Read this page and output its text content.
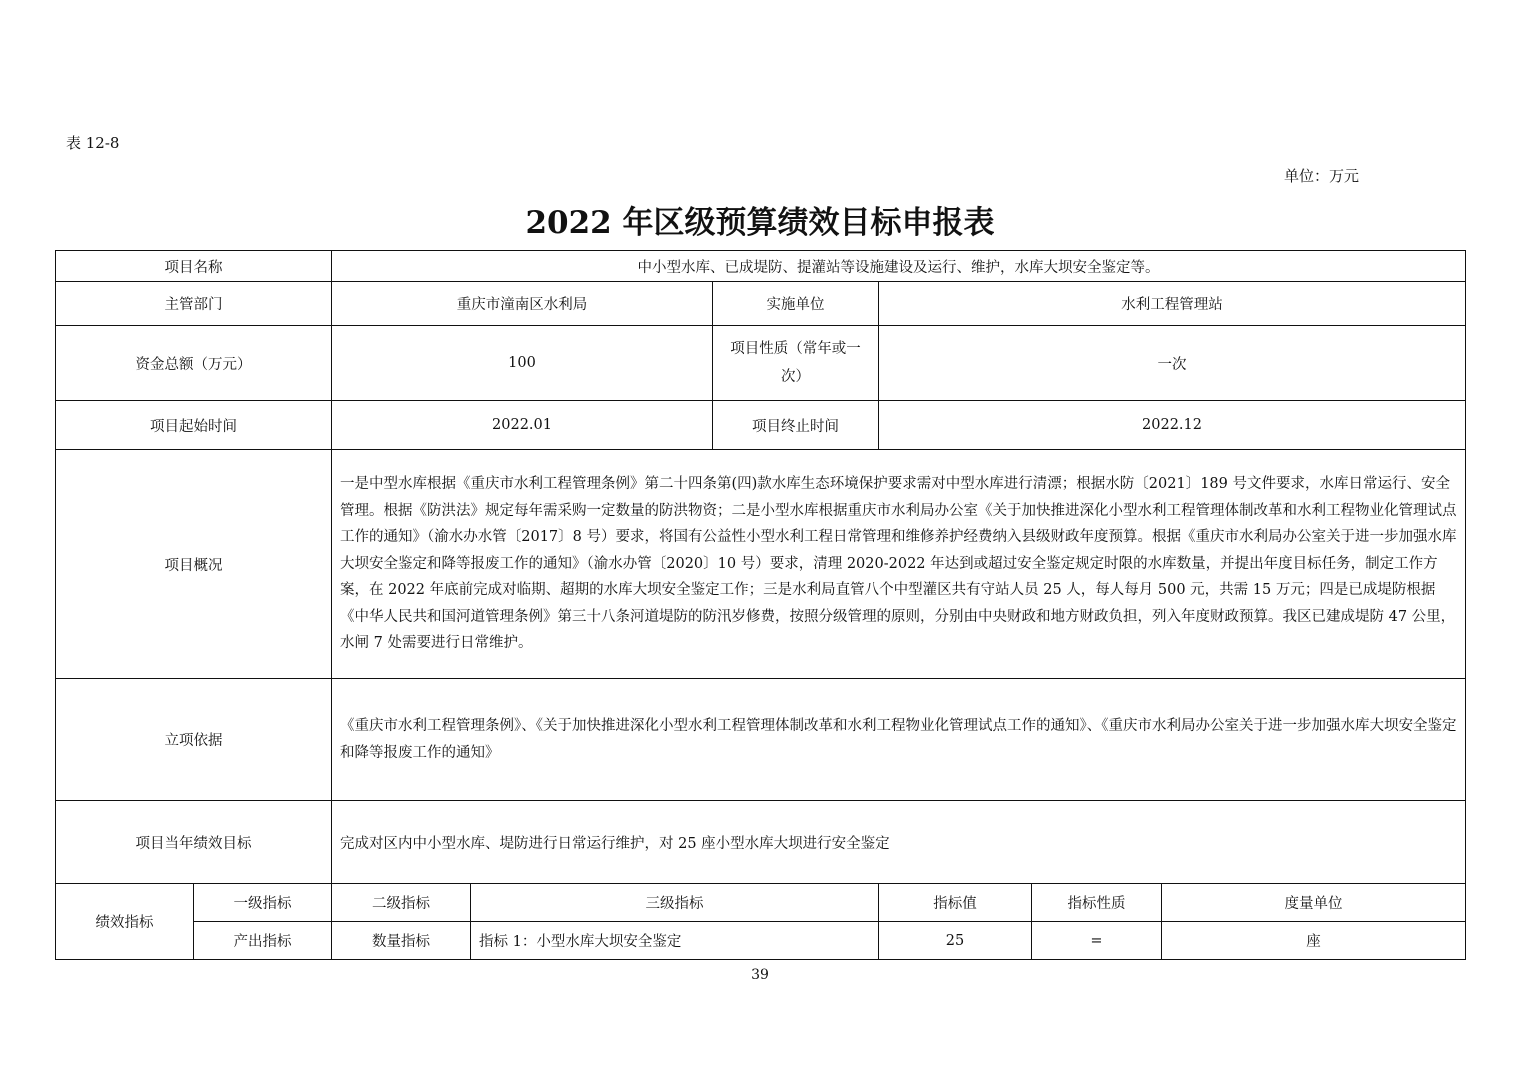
表 12-8
单位：万元
2022 年区级预算绩效目标申报表
项目名称		中小型水库、已成堤防、提灌站等设施建设及运行、维护，水库大坝安全鉴定等。					
主管部门		重庆市潼南区水利局		实施单位	水利工程管理站		
资金总额（万元）		100		项目性质（常年或一次）	一次		
项目起始时间		2022.01		项目终止时间	2022.12		
项目概况		一是中型水库根据《重庆市水利工程管理条例》第二十四条第(四)款水库生态环境保护要求需对中型水库进行清漂；根据水防〔2021〕189 号文件要求，水库日常运行、安全管理。根据《防洪法》规定每年需采购一定数量的防洪物资；二是小型水库根据重庆市水利局办公室《关于加快推进深化小型水利工程管理体制改革和水利工程物业化管理试点工作的通知》（渝水办水管〔2017〕8 号）要求，将国有公益性小型水利工程日常管理和维修养护经费纳入县级财政年度预算。根据《重庆市水利局办公室关于进一步加强水库大坝安全鉴定和降等报废工作的通知》（渝水办管〔2020〕10 号）要求，清理 2020-2022 年达到或超过安全鉴定规定时限的水库数量，并提出年度目标任务，制定工作方案，在 2022 年底前完成对临期、超期的水库大坝安全鉴定工作；三是水利局直管八个中型灌区共有守站人员 25 人，每人每月 500 元，共需 15 万元；四是已成堤防根据《中华人民共和国河道管理条例》第三十八条河道堤防的防汛岁修费，按照分级管理的原则，分别由中央财政和地方财政负担，列入年度财政预算。我区已建成堤防 47 公里，水闸 7 处需要进行日常维护。					
立项依据		《重庆市水利工程管理条例》、《关于加快推进深化小型水利工程管理体制改革和水利工程物业化管理试点工作的通知》、《重庆市水利局办公室关于进一步加强水库大坝安全鉴定和降等报废工作的通知》					
项目当年绩效目标		完成对区内中小型水库、堤防进行日常运行维护，对 25 座小型水库大坝进行安全鉴定					
绩效指标	一级指标	二级指标	三级指标		指标值	指标性质	度量单位
	产出指标	数量指标	指标 1：小型水库大坝安全鉴定		25	=	座
39
